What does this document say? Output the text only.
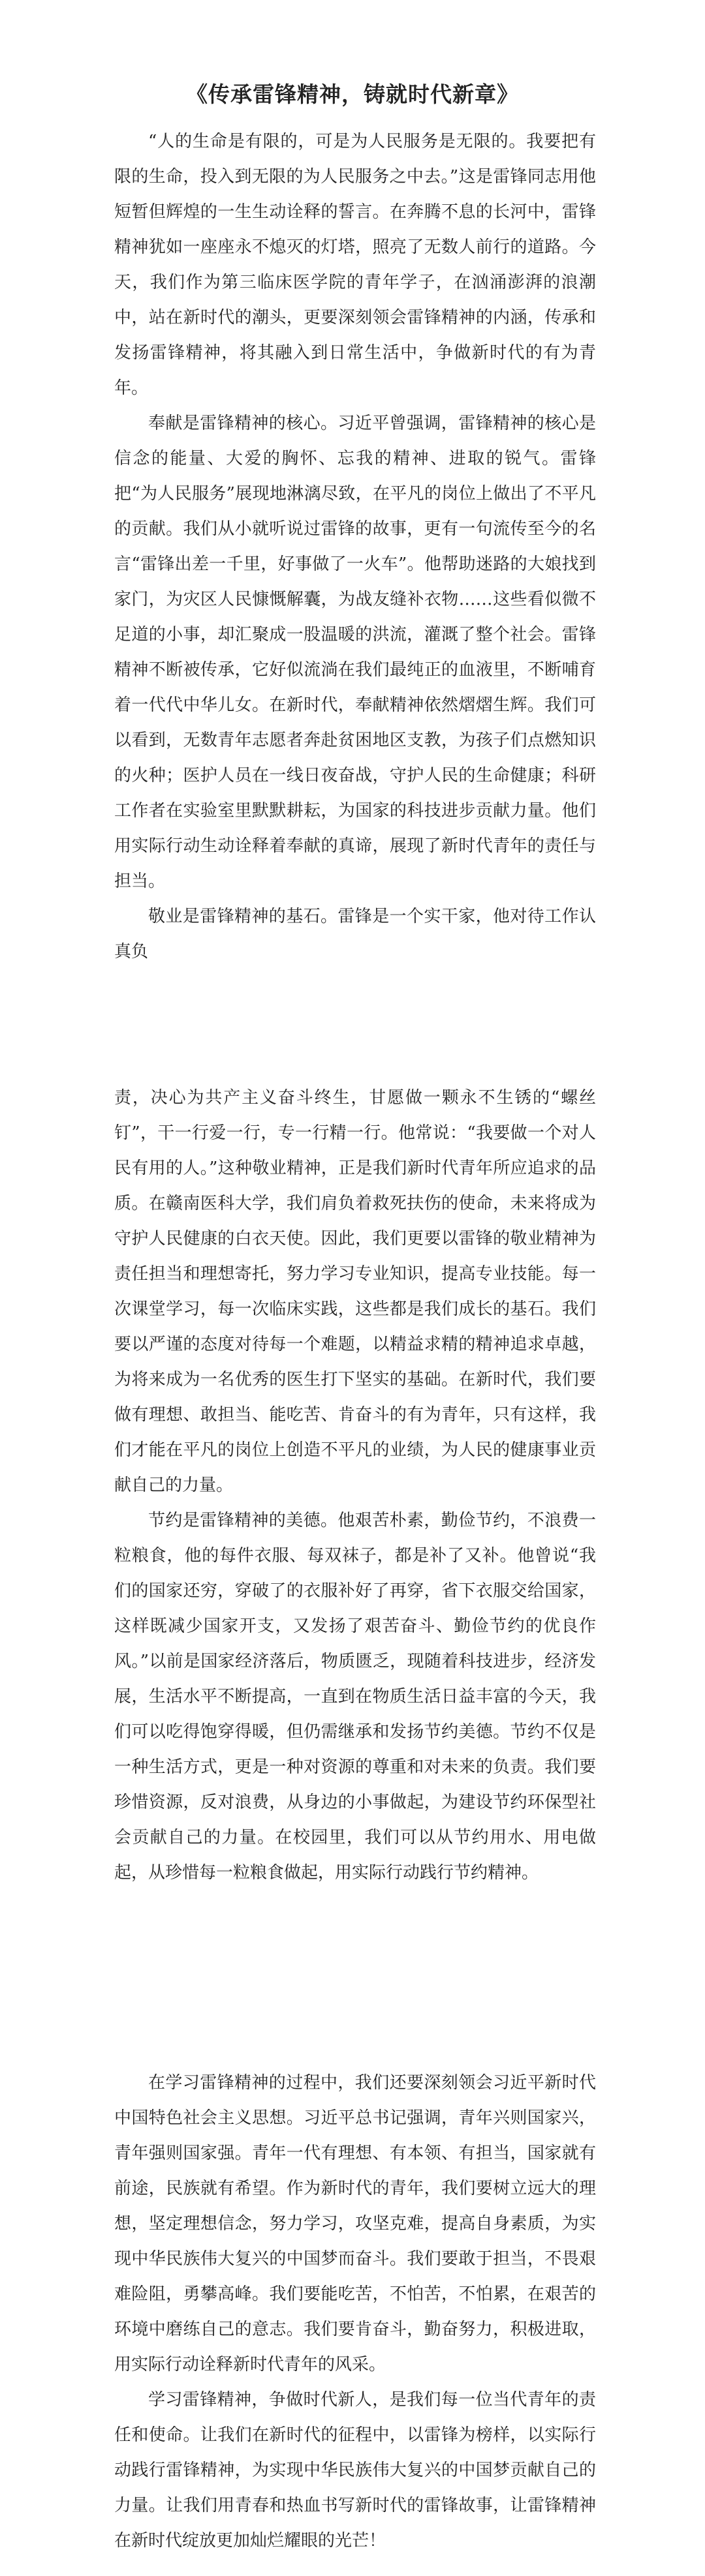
《传承雷锋精神，铸就时代新章》

“人的生命是有限的，可是为人民服务是无限的。我要把有限的生命，投入到无限的为人民服务之中去。”这是雷锋同志用他短暂但辉煌的一生生动诠释的誓言。在奔腾不息的长河中，雷锋精神犹如一座座永不熄灭的灯塔，照亮了无数人前行的道路。今天，我们作为第三临床医学院的青年学子，在汹涌澎湃的浪潮中，站在新时代的潮头，更要深刻领会雷锋精神的内涵，传承和发扬雷锋精神，将其融入到日常生活中，争做新时代的有为青年。

奉献是雷锋精神的核心。习近平曾强调，雷锋精神的核心是信念的能量、大爱的胸怀、忘我的精神、进取的锐气。雷锋把“为人民服务”展现地淋漓尽致，在平凡的岗位上做出了不平凡的贡献。我们从小就听说过雷锋的故事，更有一句流传至今的名言“雷锋出差一千里，好事做了一火车”。他帮助迷路的大娘找到家门，为灾区人民慷慨解囊，为战友缝补衣物……这些看似微不足道的小事，却汇聚成一股温暖的洪流，灌溉了整个社会。雷锋精神不断被传承，它好似流淌在我们最纯正的血液里，不断哺育着一代代中华儿女。在新时代，奉献精神依然熠熠生辉。我们可以看到，无数青年志愿者奔赴贫困地区支教，为孩子们点燃知识的火种；医护人员在一线日夜奋战，守护人民的生命健康；科研工作者在实验室里默默耕耘，为国家的科技进步贡献力量。他们用实际行动生动诠释着奉献的真谛，展现了新时代青年的责任与担当。

敬业是雷锋精神的基石。雷锋是一个实干家，他对待工作认真负

责，决心为共产主义奋斗终生，甘愿做一颗永不生锈的“螺丝钉”，干一行爱一行，专一行精一行。他常说：“我要做一个对人民有用的人。”这种敬业精神，正是我们新时代青年所应追求的品质。在赣南医科大学，我们肩负着救死扶伤的使命，未来将成为守护人民健康的白衣天使。因此，我们更要以雷锋的敬业精神为责任担当和理想寄托，努力学习专业知识，提高专业技能。每一次课堂学习，每一次临床实践，这些都是我们成长的基石。我们要以严谨的态度对待每一个难题，以精益求精的精神追求卓越，为将来成为一名优秀的医生打下坚实的基础。在新时代，我们要做有理想、敢担当、能吃苦、肯奋斗的有为青年，只有这样，我们才能在平凡的岗位上创造不平凡的业绩，为人民的健康事业贡献自己的力量。

节约是雷锋精神的美德。他艰苦朴素，勤俭节约，不浪费一粒粮食，他的每件衣服、每双袜子，都是补了又补。他曾说“我们的国家还穷，穿破了的衣服补好了再穿，省下衣服交给国家，这样既减少国家开支，又发扬了艰苦奋斗、勤俭节约的优良作风。”以前是国家经济落后，物质匮乏，现随着科技进步，经济发展，生活水平不断提高，一直到在物质生活日益丰富的今天，我们可以吃得饱穿得暖，但仍需继承和发扬节约美德。节约不仅是一种生活方式，更是一种对资源的尊重和对未来的负责。我们要珍惜资源，反对浪费，从身边的小事做起，为建设节约环保型社会贡献自己的力量。在校园里，我们可以从节约用水、用电做起，从珍惜每一粒粮食做起，用实际行动践行节约精神。

在学习雷锋精神的过程中，我们还要深刻领会习近平新时代中国特色社会主义思想。习近平总书记强调，青年兴则国家兴，青年强则国家强。青年一代有理想、有本领、有担当，国家就有前途，民族就有希望。作为新时代的青年，我们要树立远大的理想，坚定理想信念，努力学习，攻坚克难，提高自身素质，为实现中华民族伟大复兴的中国梦而奋斗。我们要敢于担当，不畏艰难险阻，勇攀高峰。我们要能吃苦，不怕苦，不怕累，在艰苦的环境中磨练自己的意志。我们要肯奋斗，勤奋努力，积极进取，用实际行动诠释新时代青年的风采。

学习雷锋精神，争做时代新人，是我们每一位当代青年的责任和使命。让我们在新时代的征程中，以雷锋为榜样，以实际行动践行雷锋精神，为实现中华民族伟大复兴的中国梦贡献自己的力量。让我们用青春和热血书写新时代的雷锋故事，让雷锋精神在新时代绽放更加灿烂耀眼的光芒！
